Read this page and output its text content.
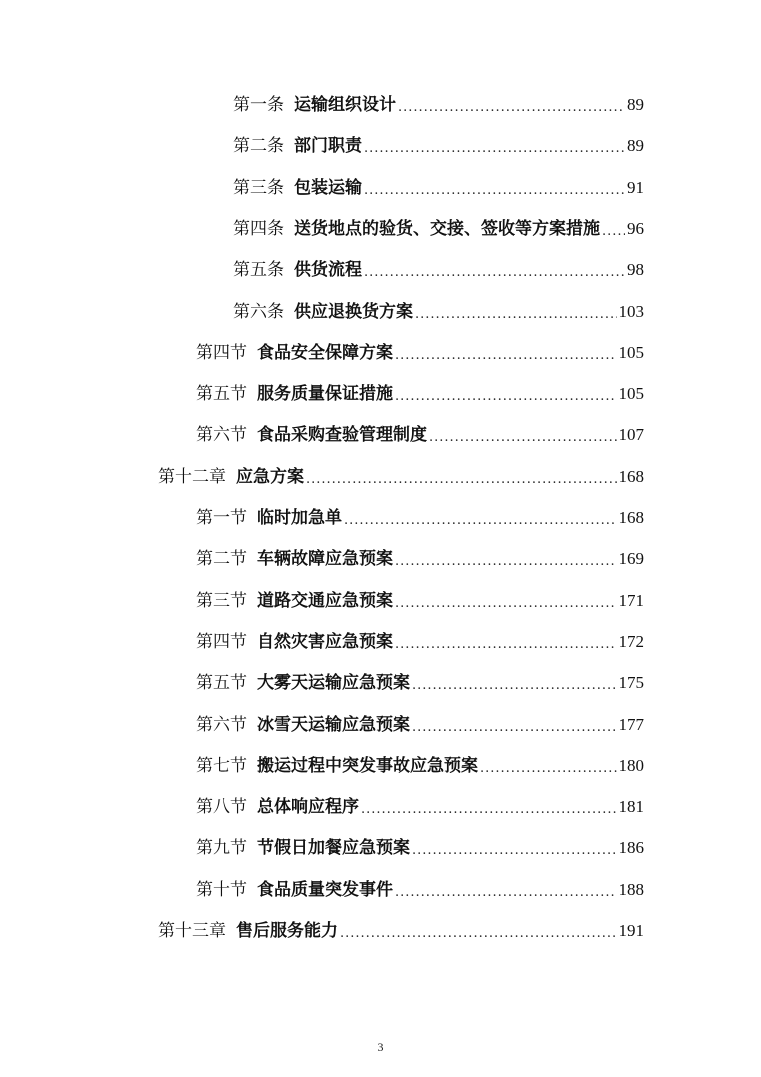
第一条 运输组织设计 .....	89
第二条 部门职责 .....	89
第三条 包装运输 .....	91
第四条 送货地点的验货、交接、签收等方案措施 ..... 96
第五条 供货流程 .....	98
第六条 供应退换货方案 .....	103
第四节 食品安全保障方案 .....	105
第五节 服务质量保证措施 .....	105
第六节 食品采购查验管理制度 .....	107
第十二章 应急方案 .....	168
第一节 临时加急单 .....	168
第二节 车辆故障应急预案 .....	169
第三节 道路交通应急预案 .....	171
第四节 自然灾害应急预案 .....	172
第五节 大雾天运输应急预案 .....	175
第六节 冰雪天运输应急预案 .....	177
第七节 搬运过程中突发事故应急预案 .....	180
第八节 总体响应程序 .....	181
第九节 节假日加餐应急预案 .....	186
第十节 食品质量突发事件 .....	188
第十三章 售后服务能力 .....	191
3
